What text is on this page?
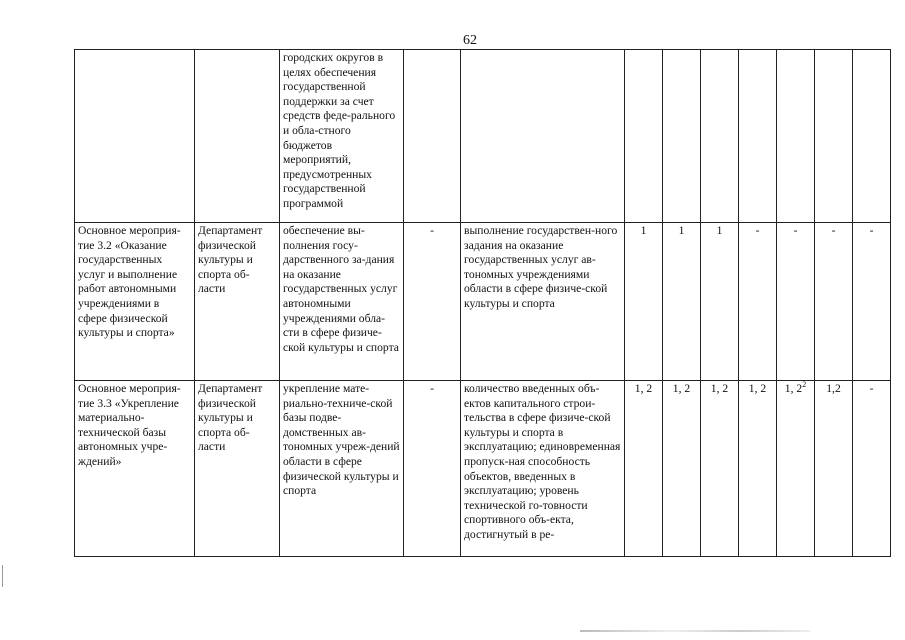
62
		городских округов в целях обеспечения государственной поддержки за счет средств феде-рального и обла-стного бюджетов мероприятий, предусмотренных государственной программой									
Основное мероприя-тие 3.2 «Оказание государственных услуг и выполнение работ автономными учреждениями в сфере физической культуры и спорта»	Департамент физической культуры и спорта об-ласти	обеспечение вы-полнения госу-дарственного за-дания на оказание государственных услуг автономными учреждениями обла-сти в сфере физиче-ской культуры и спорта	-	выполнение государствен-ного задания на оказание государственных услуг ав-тономных учреждениями области в сфере физиче-ской культуры и спорта	1	1	1	-	-	-	-
Основное мероприя-тие 3.3 «Укрепление материально-технической базы автономных учре-ждений»	Департамент физической культуры и спорта об-ласти	укрепление мате-риально-техниче-ской базы подве-домственных ав-тономных учреж-дений области в сфере физической культуры и спорта	-	количество введенных объ-ектов капитального строи-тельства в сфере физиче-ской культуры и спорта в эксплуатацию; единовременная пропуск-ная способность объектов, введенных в эксплуатацию; уровень технической го-товности спортивного объ-екта, достигнутый в ре-	1, 2	1, 2	1, 2	1, 2	1, $2^2$	1,2	-
